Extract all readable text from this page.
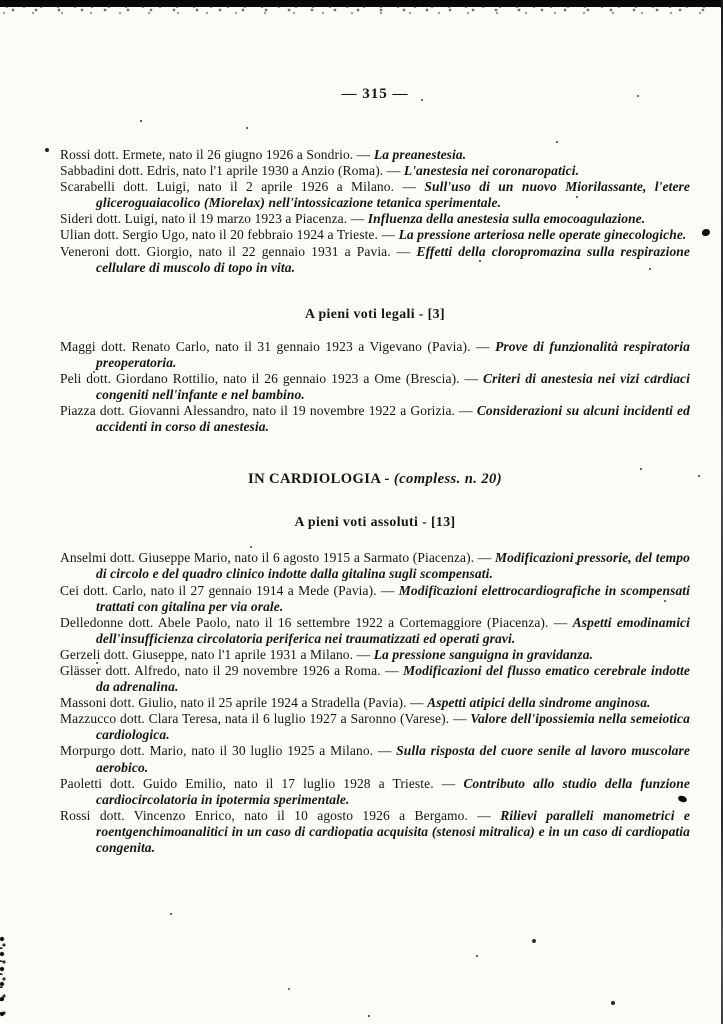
— 315 —

Rossi dott. Ermete, nato il 26 giugno 1926 a Sondrio. — La preanestesia.

Sabbadini dott. Edris, nato l'1 aprile 1930 a Anzio (Roma). — L'anestesia nei coronaropatici.

Scarabelli dott. Luigi, nato il 2 aprile 1926 a Milano. — Sull'uso di un nuovo Miorilassante, l'etere gliceroguaiacolico (Miorelax) nell'intossicazione tetanica sperimentale.

Sideri dott. Luigi, nato il 19 marzo 1923 a Piacenza. — Influenza della anestesia sulla emocoagulazione.

Ulian dott. Sergio Ugo, nato il 20 febbraio 1924 a Trieste. — La pressione arteriosa nelle operate ginecologiche.

Veneroni dott. Giorgio, nato il 22 gennaio 1931 a Pavia. — Effetti della cloropromazina sulla respirazione cellulare di muscolo di topo in vita.

A pieni voti legali - [3]

Maggi dott. Renato Carlo, nato il 31 gennaio 1923 a Vigevano (Pavia). — Prove di funzionalità respiratoria preoperatoria.

Peli dott. Giordano Rottilio, nato il 26 gennaio 1923 a Ome (Brescia). — Criteri di anestesia nei vizi cardiaci congeniti nell'infante e nel bambino.

Piazza dott. Giovanni Alessandro, nato il 19 novembre 1922 a Gorizia. — Considerazioni su alcuni incidenti ed accidenti in corso di anestesia.

IN CARDIOLOGIA - (compless. n. 20)

A pieni voti assoluti - [13]

Anselmi dott. Giuseppe Mario, nato il 6 agosto 1915 a Sarmato (Piacenza). — Modificazioni pressorie, del tempo di circolo e del quadro clinico indotte dalla gitalina sugli scompensati.

Cei dott. Carlo, nato il 27 gennaio 1914 a Mede (Pavia). — Modificazioni elettrocardiografiche in scompensati trattati con gitalina per via orale.

Delledonne dott. Abele Paolo, nato il 16 settembre 1922 a Cortemaggiore (Piacenza). — Aspetti emodinamici dell'insufficienza circolatoria periferica nei traumatizzati ed operati gravi.

Gerzeli dott. Giuseppe, nato l'1 aprile 1931 a Milano. — La pressione sanguigna in gravidanza.

Glässer dott. Alfredo, nato il 29 novembre 1926 a Roma. — Modificazioni del flusso ematico cerebrale indotte da adrenalina.

Massoni dott. Giulio, nato il 25 aprile 1924 a Stradella (Pavia). — Aspetti atipici della sindrome anginosa.

Mazzucco dott. Clara Teresa, nata il 6 luglio 1927 a Saronno (Varese). — Valore dell'ipossiemia nella semeiotica cardiologica.

Morpurgo dott. Mario, nato il 30 luglio 1925 a Milano. — Sulla risposta del cuore senile al lavoro muscolare aerobico.

Paoletti dott. Guido Emilio, nato il 17 luglio 1928 a Trieste. — Contributo allo studio della funzione cardiocircolatoria in ipotermia sperimentale.

Rossi dott. Vincenzo Enrico, nato il 10 agosto 1926 a Bergamo. — Rilievi paralleli manometrici e roentgenchimoanalitici in un caso di cardiopatia acquisita (stenosi mitralica) e in un caso di cardiopatia congenita.
